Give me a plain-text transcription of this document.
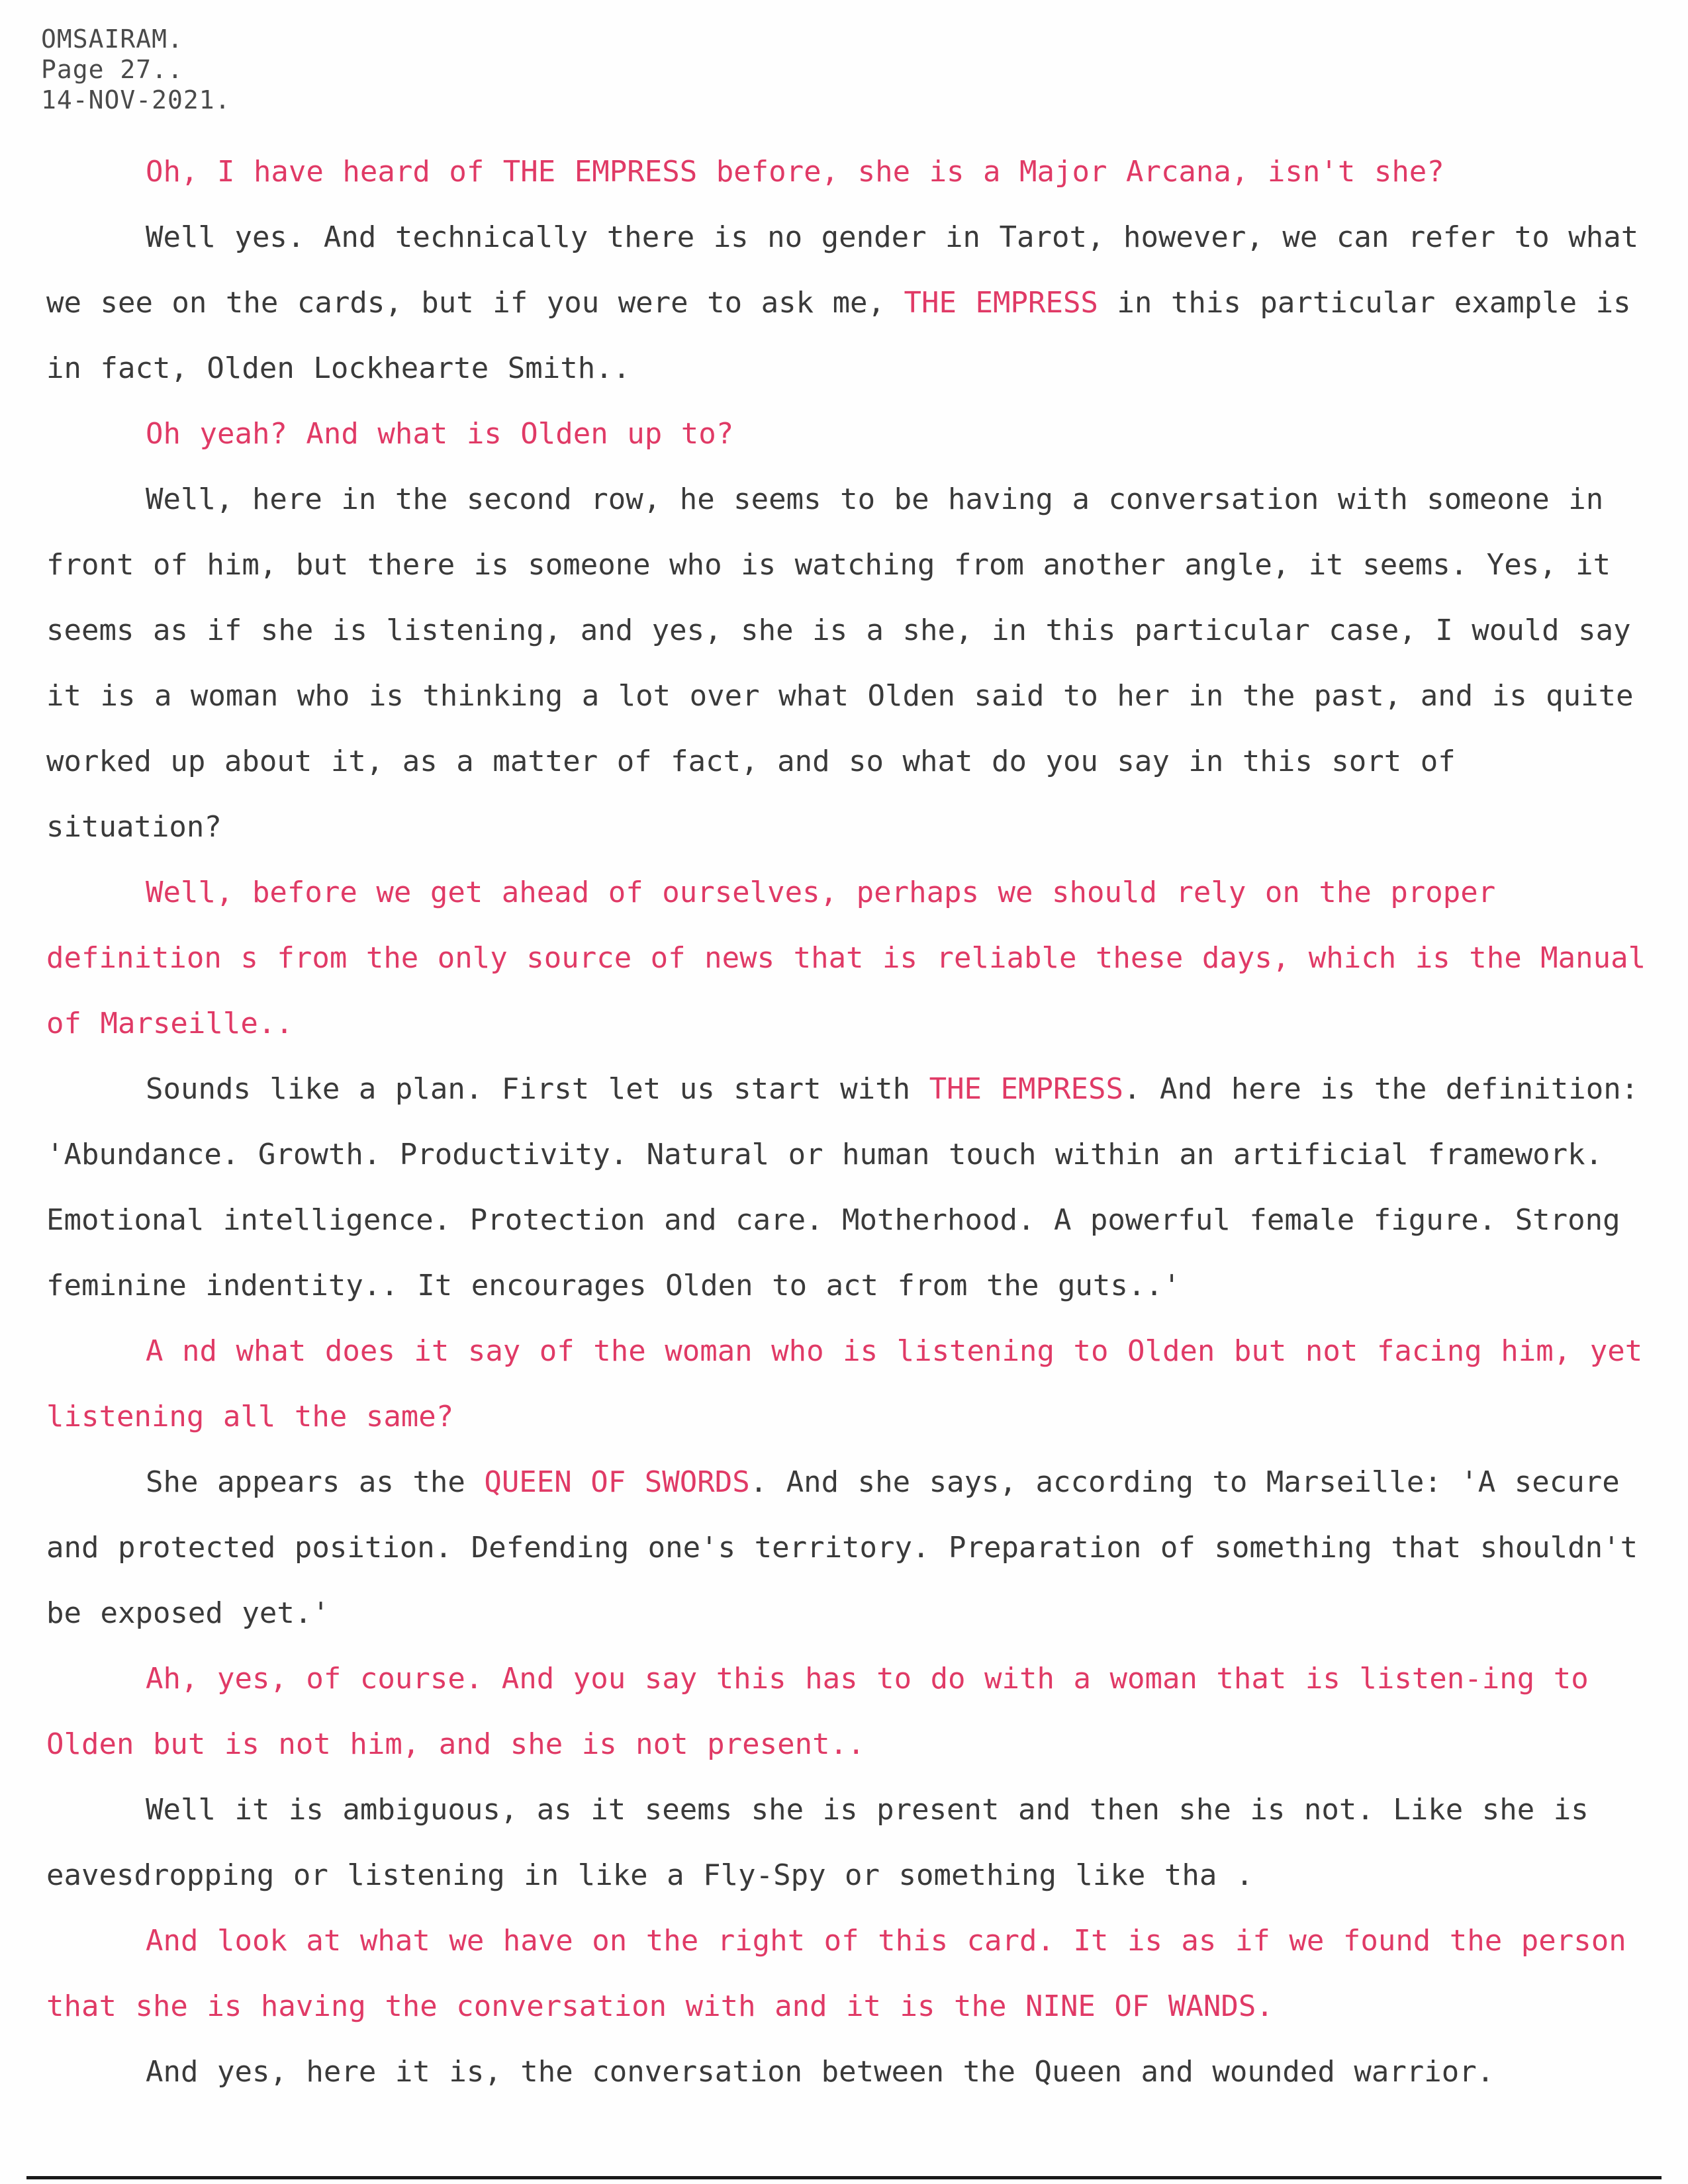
OMSAIRAM.
Page 27..
14-NOV-2021.

Oh, I have heard of THE EMPRESS before, she is a Major Arcana, isn't she?

Well yes. And technically there is no gender in Tarot, however, we can refer to what we see on the cards, but if you were to ask me, THE EMPRESS in this particular example is in fact, Olden Lockhearte Smith..

Oh yeah? And what is Olden up to?

Well, here in the second row, he seems to be having a conversation with someone in front of him, but there is someone who is watching from another angle, it seems. Yes, it seems as if she is listening, and yes, she is a she, in this particular case, I would say it is a woman who is thinking a lot over what Olden said to her in the past, and is quite worked up about it, as a matter of fact, and so what do you say in this sort of situation?

Well, before we get ahead of ourselves, perhaps we should rely on the proper definition s from the only source of news that is reliable these days, which is the Manual of Marseille..

Sounds like a plan. First let us start with THE EMPRESS. And here is the definition: 'Abundance. Growth. Productivity. Natural or human touch within an artificial framework. Emotional intelligence. Protection and care. Motherhood. A powerful female figure. Strong feminine indentity.. It encourages Olden to act from the guts..'

A nd what does it say of the woman who is listening to Olden but not facing him, yet listening all the same?

She appears as the QUEEN OF SWORDS. And she says, according to Marseille: 'A secure and protected position. Defending one's territory. Preparation of something that shouldn't be exposed yet.'

Ah, yes, of course. And you say this has to do with a woman that is listen-ing to Olden but is not him, and she is not present..

Well it is ambiguous, as it seems she is present and then she is not. Like she is eavesdropping or listening in like a Fly-Spy or something like tha .

And look at what we have on the right of this card. It is as if we found the person that she is having the conversation with and it is the NINE OF WANDS.

And yes, here it is, the conversation between the Queen and wounded warrior.
